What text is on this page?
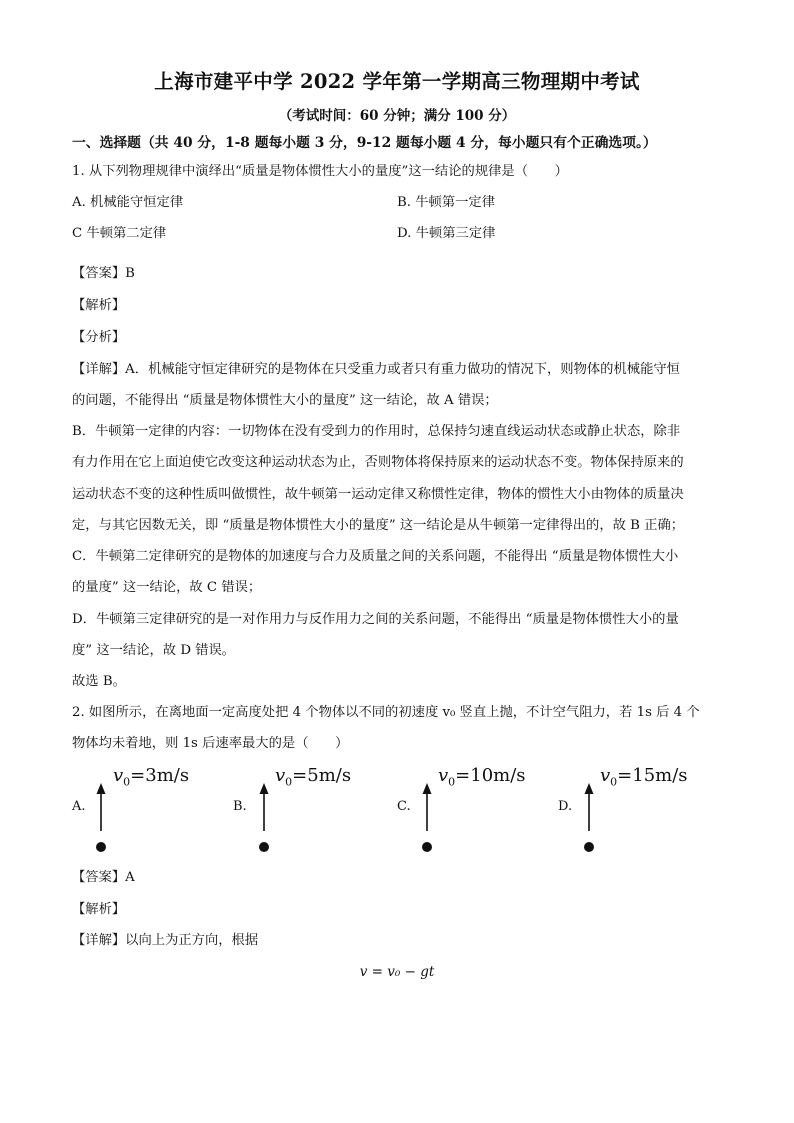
上海市建平中学 2022 学年第一学期高三物理期中考试
（考试时间：60 分钟；满分 100 分）
一、选择题（共 40 分，1-8 题每小题 3 分，9-12 题每小题 4 分，每小题只有个正确选项。）
1. 从下列物理规律中演绎出“质量是物体惯性大小的量度”这一结论的规律是（　　）
A. 机械能守恒定律	B. 牛顿第一定律
C 牛顿第二定律	D. 牛顿第三定律
【答案】B
【解析】
【分析】
【详解】A．机械能守恒定律研究的是物体在只受重力或者只有重力做功的情况下，则物体的机械能守恒
的问题，不能得出 “质量是物体惯性大小的量度” 这一结论，故 A 错误；
B．牛顿第一定律的内容：一切物体在没有受到力的作用时，总保持匀速直线运动状态或静止状态，除非
有力作用在它上面迫使它改变这种运动状态为止，否则物体将保持原来的运动状态不变。物体保持原来的
运动状态不变的这种性质叫做惯性，故牛顿第一运动定律又称惯性定律，物体的惯性大小由物体的质量决
定，与其它因数无关，即 “质量是物体惯性大小的量度” 这一结论是从牛顿第一定律得出的，故 B 正确；
C．牛顿第二定律研究的是物体的加速度与合力及质量之间的关系问题，不能得出 “质量是物体惯性大小
的量度” 这一结论，故 C 错误；
D．牛顿第三定律研究的是一对作用力与反作用力之间的关系问题，不能得出 “质量是物体惯性大小的量
度” 这一结论，故 D 错误。
故选 B。
2. 如图所示，在离地面一定高度处把 4 个物体以不同的初速度 v₀ 竖直上抛，不计空气阻力，若 1s 后 4 个
物体均未着地，则 1s 后速率最大的是（　　）
$v_0=3m/s$
A.
$v_0=5m/s$
B.
$v_0=10m/s$
C.
$v_0=15m/s$
D.
【答案】A
【解析】
【详解】以向上为正方向，根据
v = v₀ − gt
